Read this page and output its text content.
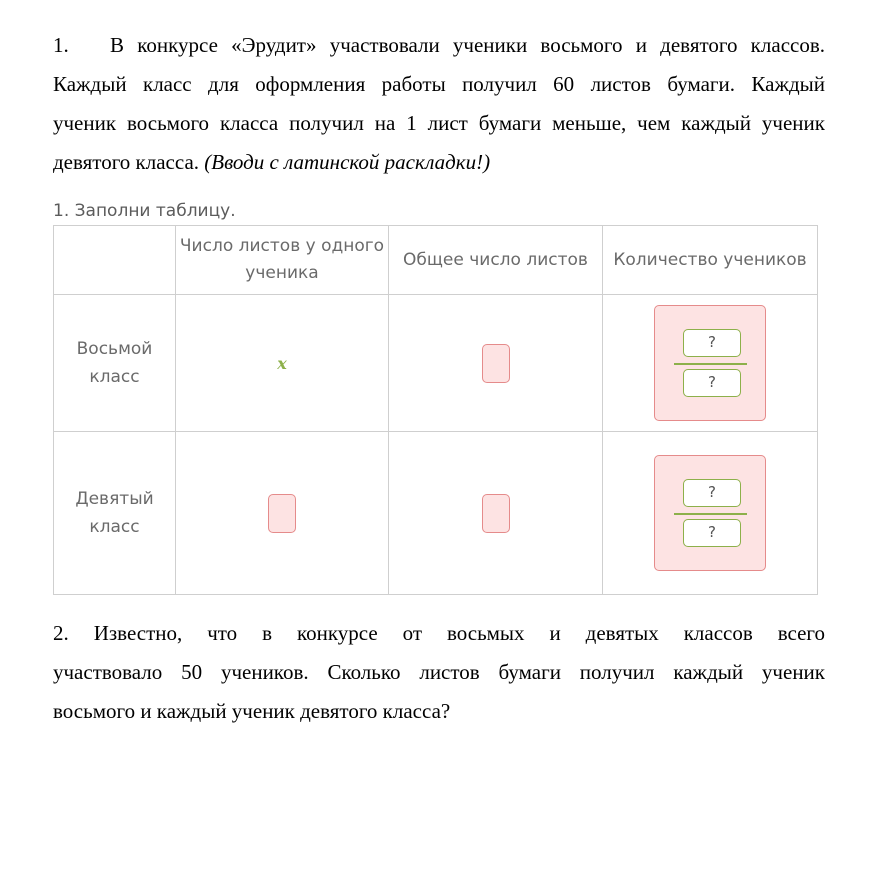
1. В конкурсе «Эрудит» участвовали ученики восьмого и девятого классов.
Каждый класс для оформления работы получил 60 листов бумаги. Каждый
ученик восьмого класса получил на 1 лист бумаги меньше, чем каждый ученик
девятого класса. (Вводи с латинской раскладки!)
1. Заполни таблицу.
	Число листов у одного ученика	Общее число листов	Количество учеников

Восьмой класс	x		?
?

Девятый класс			?
?
2. Известно, что в конкурсе от восьмых и девятых классов всего
участвовало 50 учеников. Сколько листов бумаги получил каждый ученик
восьмого и каждый ученик девятого класса?
